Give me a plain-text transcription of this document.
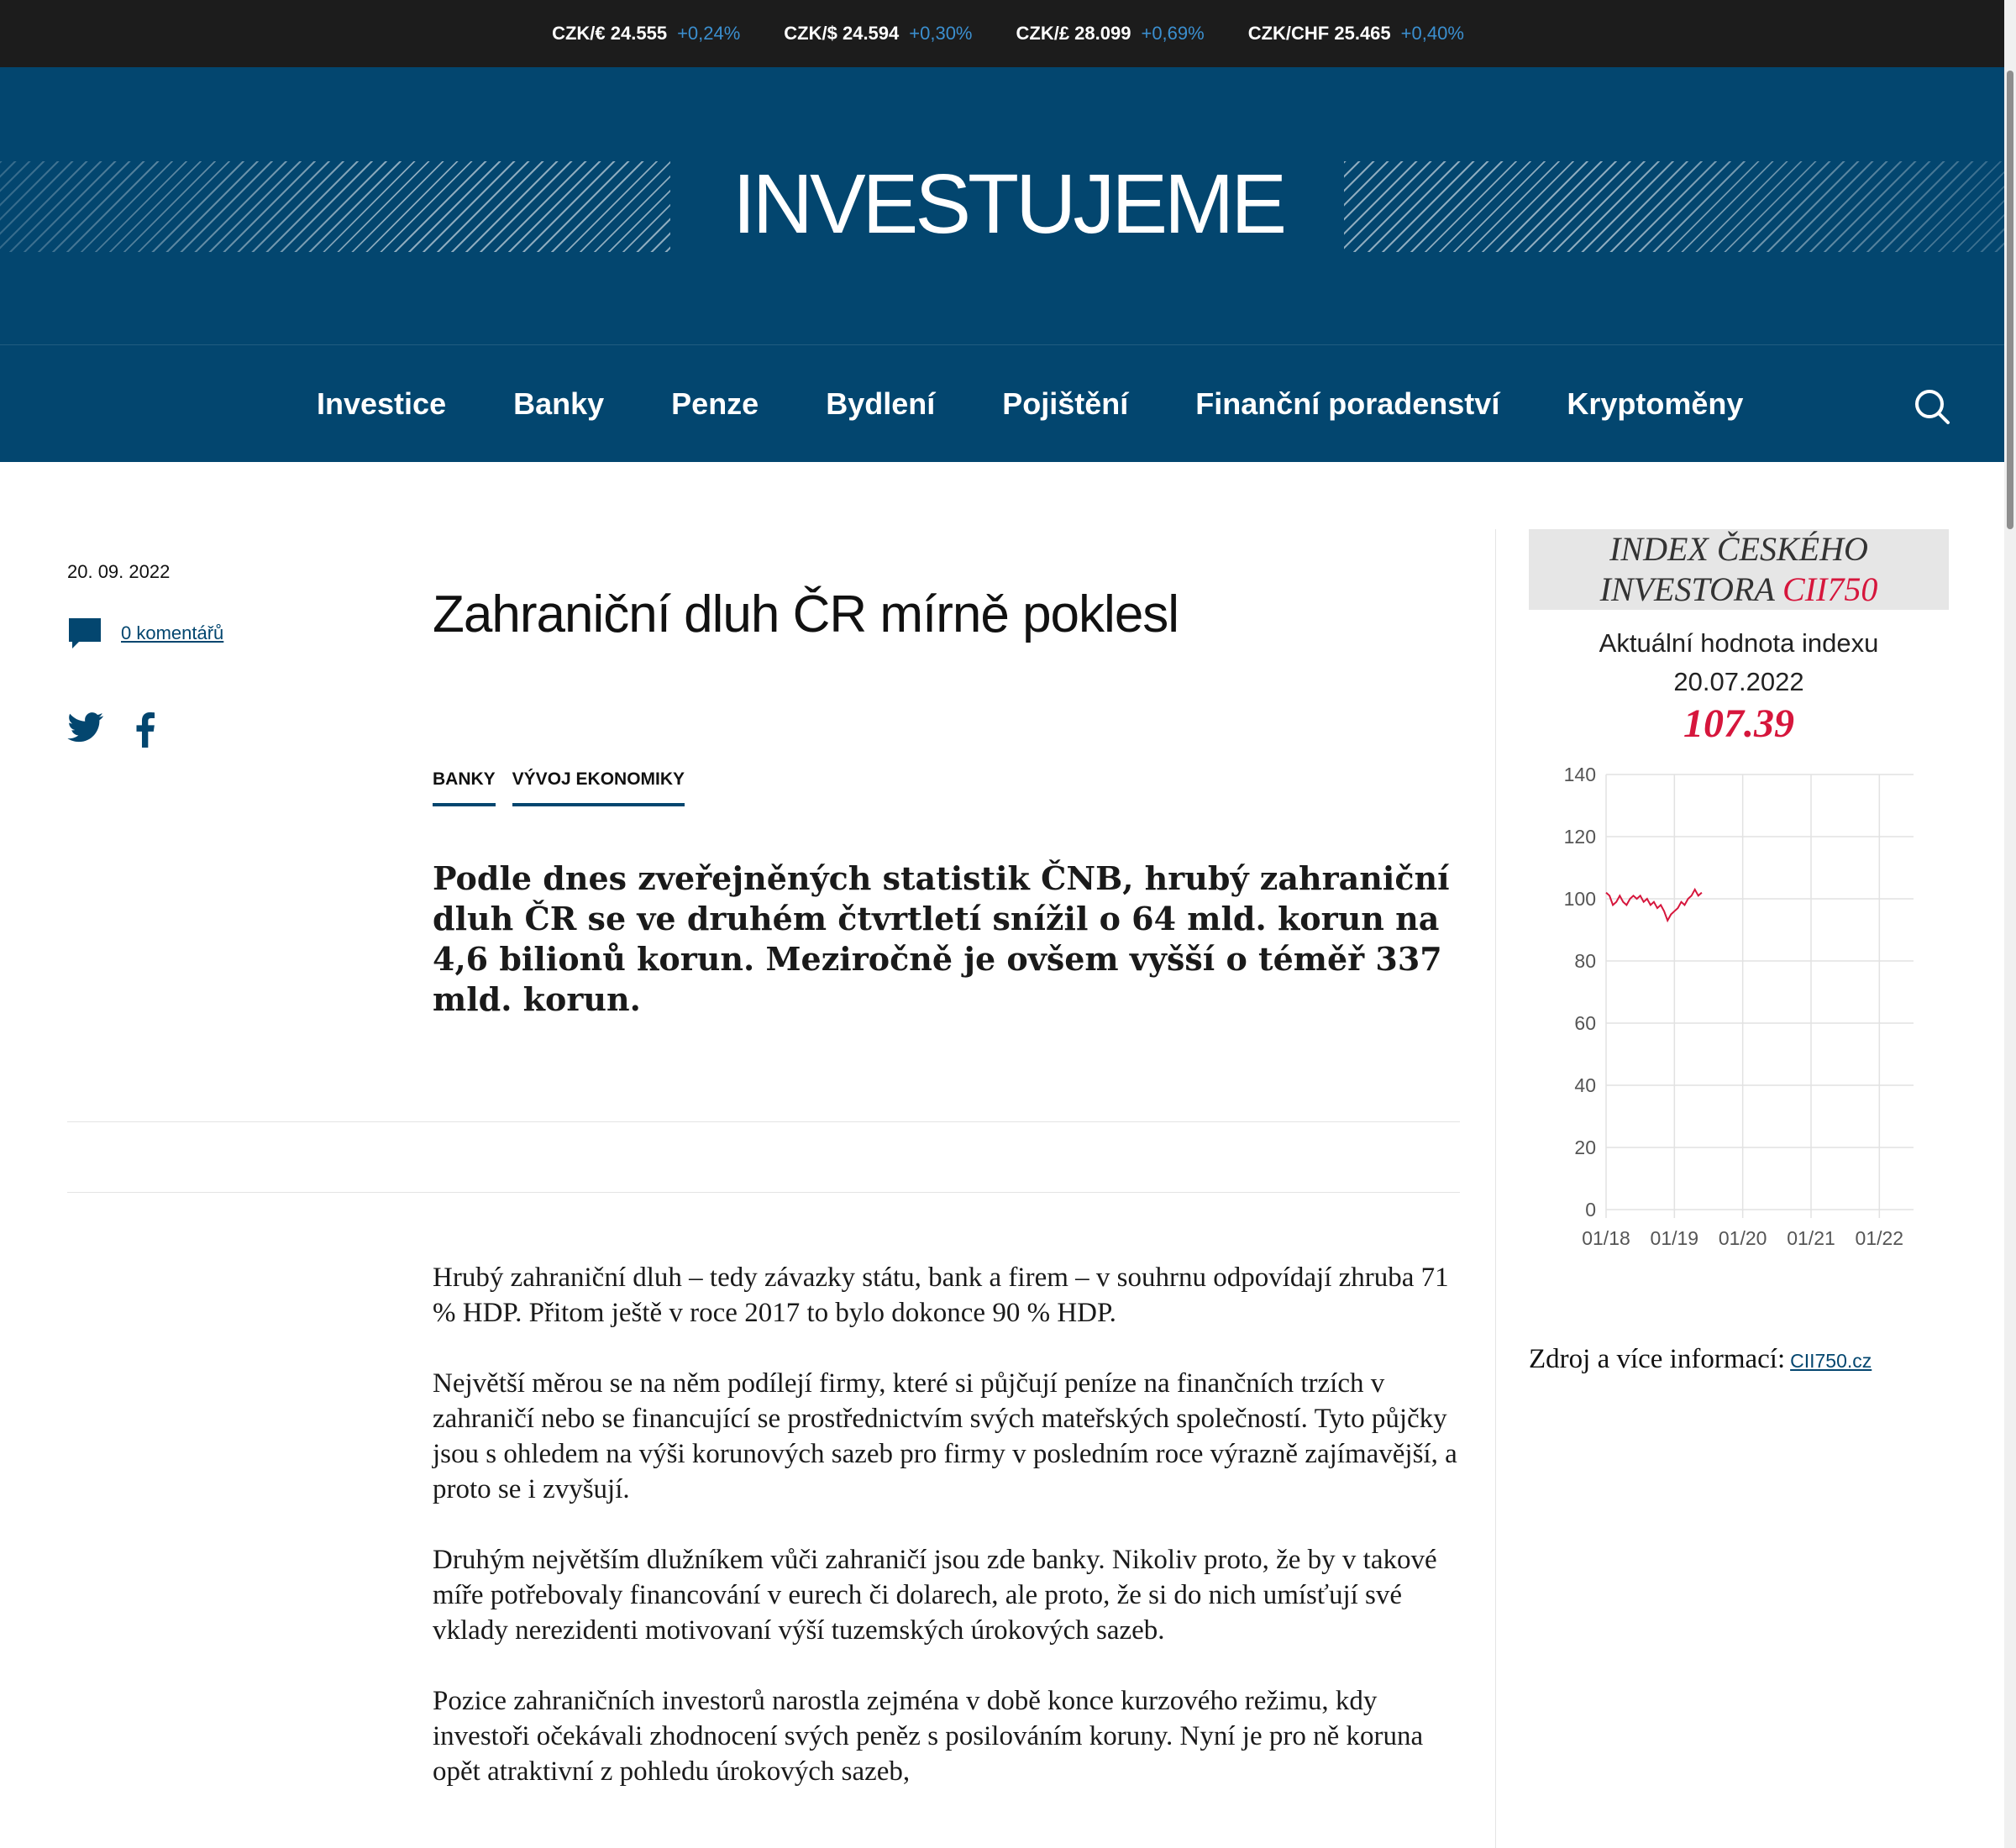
CZK/€ 24.555 +0,24% CZK/$ 24.594 +0,30% CZK/£ 28.099 +0,69% CZK/CHF 25.465 +0,40%
INVESTUJEME
Investice Banky Penze Bydlení Pojištění Finanční poradenství Kryptoměny
20. 09. 2022
0 komentářů	Zahraniční dluh ČR mírně poklesl
BANKY VÝVOJ EKONOMIKY
Podle dnes zveřejněných statistik ČNB, hrubý zahraniční dluh ČR se ve druhém čtvrtletí snížil o 64 mld. korun na 4,6 bilionů korun. Meziročně je ovšem vyšší o téměř 337 mld. korun.

Hrubý zahraniční dluh – tedy závazky státu, bank a firem – v souhrnu odpovídají zhruba 71 % HDP. Přitom ještě v roce 2017 to bylo dokonce 90 % HDP.

Největší měrou se na něm podílejí firmy, které si půjčují peníze na finančních trzích v zahraničí nebo se financující se prostřednictvím svých mateřských společností. Tyto půjčky jsou s ohledem na výši korunových sazeb pro firmy v posledním roce výrazně zajímavější, a proto se i zvyšují.

Druhým největším dlužníkem vůči zahraničí jsou zde banky. Nikoliv proto, že by v takové míře potřebovaly financování v eurech či dolarech, ale proto, že si do nich umísťují své vklady nerezidenti motivovaní výší tuzemských úrokových sazeb.

Pozice zahraničních investorů narostla zejména v době konce kurzového režimu, kdy investoři očekávali zhodnocení svých peněz s posilováním koruny. Nyní je pro ně koruna opět atraktivní z pohledu úrokových sazeb,

INDEX ČESKÉHO
INVESTORA CII750
Aktuální hodnota indexu
20.07.2022
107.39
0
20
40
60
80
100
120
140
01/18 01/19 01/20 01/21 01/22
Zdroj a více informací: CII750.cz
